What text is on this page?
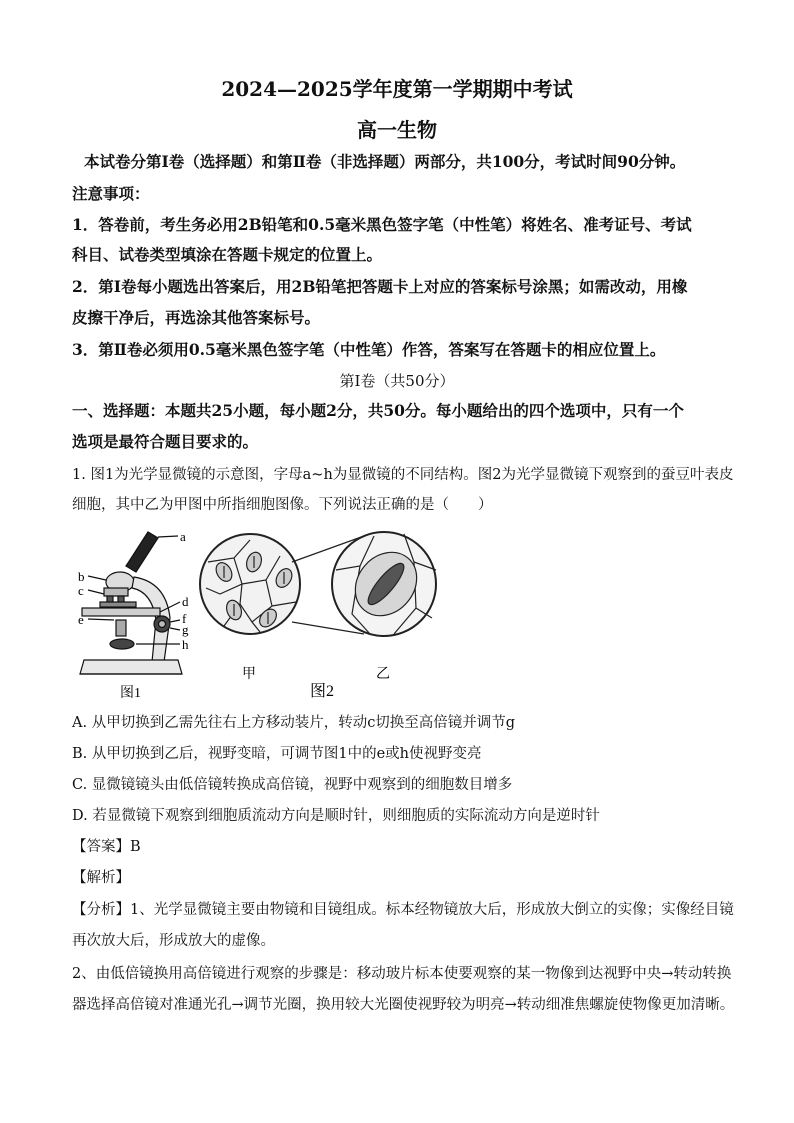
2024—2025学年度第一学期期中考试
高一生物
本试卷分第Ⅰ卷（选择题）和第Ⅱ卷（非选择题）两部分，共100分，考试时间90分钟。
注意事项：
1．答卷前，考生务必用2B铅笔和0.5毫米黑色签字笔（中性笔）将姓名、准考证号、考试
科目、试卷类型填涂在答题卡规定的位置上。
2．第Ⅰ卷每小题选出答案后，用2B铅笔把答题卡上对应的答案标号涂黑；如需改动，用橡
皮擦干净后，再选涂其他答案标号。
3．第Ⅱ卷必须用0.5毫米黑色签字笔（中性笔）作答，答案写在答题卡的相应位置上。
第Ⅰ卷（共50分）
一、选择题：本题共25小题，每小题2分，共50分。每小题给出的四个选项中，只有一个
选项是最符合题目要求的。
1. 图1为光学显微镜的示意图，字母a~h为显微镜的不同结构。图2为光学显微镜下观察到的蚕豆叶表皮
细胞，其中乙为甲图中所指细胞图像。下列说法正确的是（　　）
a
b
c
d
e	f
g
h
图1
甲	乙
图2
A. 从甲切换到乙需先往右上方移动装片，转动c切换至高倍镜并调节g
B. 从甲切换到乙后，视野变暗，可调节图1中的e或h使视野变亮
C. 显微镜镜头由低倍镜转换成高倍镜，视野中观察到的细胞数目增多
D. 若显微镜下观察到细胞质流动方向是顺时针，则细胞质的实际流动方向是逆时针
【答案】B
【解析】
【分析】1、光学显微镜主要由物镜和目镜组成。标本经物镜放大后，形成放大倒立的实像；实像经目镜
再次放大后，形成放大的虚像。
2、由低倍镜换用高倍镜进行观察的步骤是：移动玻片标本使要观察的某一物像到达视野中央→转动转换
器选择高倍镜对准通光孔→调节光圈，换用较大光圈使视野较为明亮→转动细准焦螺旋使物像更加清晰。
